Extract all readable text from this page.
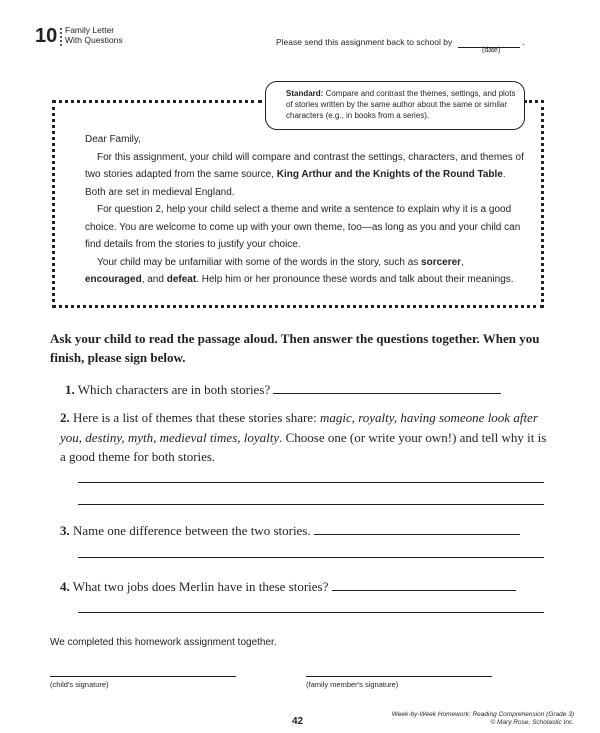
10 Family Letter
With Questions	Please send this assignment back to school by
(date)
.
Standard: Compare and contrast the themes, settings, and plots of stories written by the same author about the same or similar characters (e.g., in books from a series).

Dear Family,

For this assignment, your child will compare and contrast the settings, characters, and themes of two stories adapted from the same source, King Arthur and the Knights of the Round Table. Both are set in medieval England.

For question 2, help your child select a theme and write a sentence to explain why it is a good choice. You are welcome to come up with your own theme, too—as long as you and your child can find details from the stories to justify your choice.

Your child may be unfamiliar with some of the words in the story, such as sorcerer, encouraged, and defeat. Help him or her pronounce these words and talk about their meanings.

Ask your child to read the passage aloud. Then answer the questions together. When you finish, please sign below.
1. Which characters are in both stories?
2. Here is a list of themes that these stories share: magic, royalty, having someone look after you, destiny, myth, medieval times, loyalty. Choose one (or write your own!) and tell why it is a good theme for both stories.
3. Name one difference between the two stories.
4. What two jobs does Merlin have in these stories?
We completed this homework assignment together.
(child's signature)	(family member's signature)
42
Week-by-Week Homework: Reading Comprehension (Grade 3)
© Mary Rose, Scholastic Inc.
